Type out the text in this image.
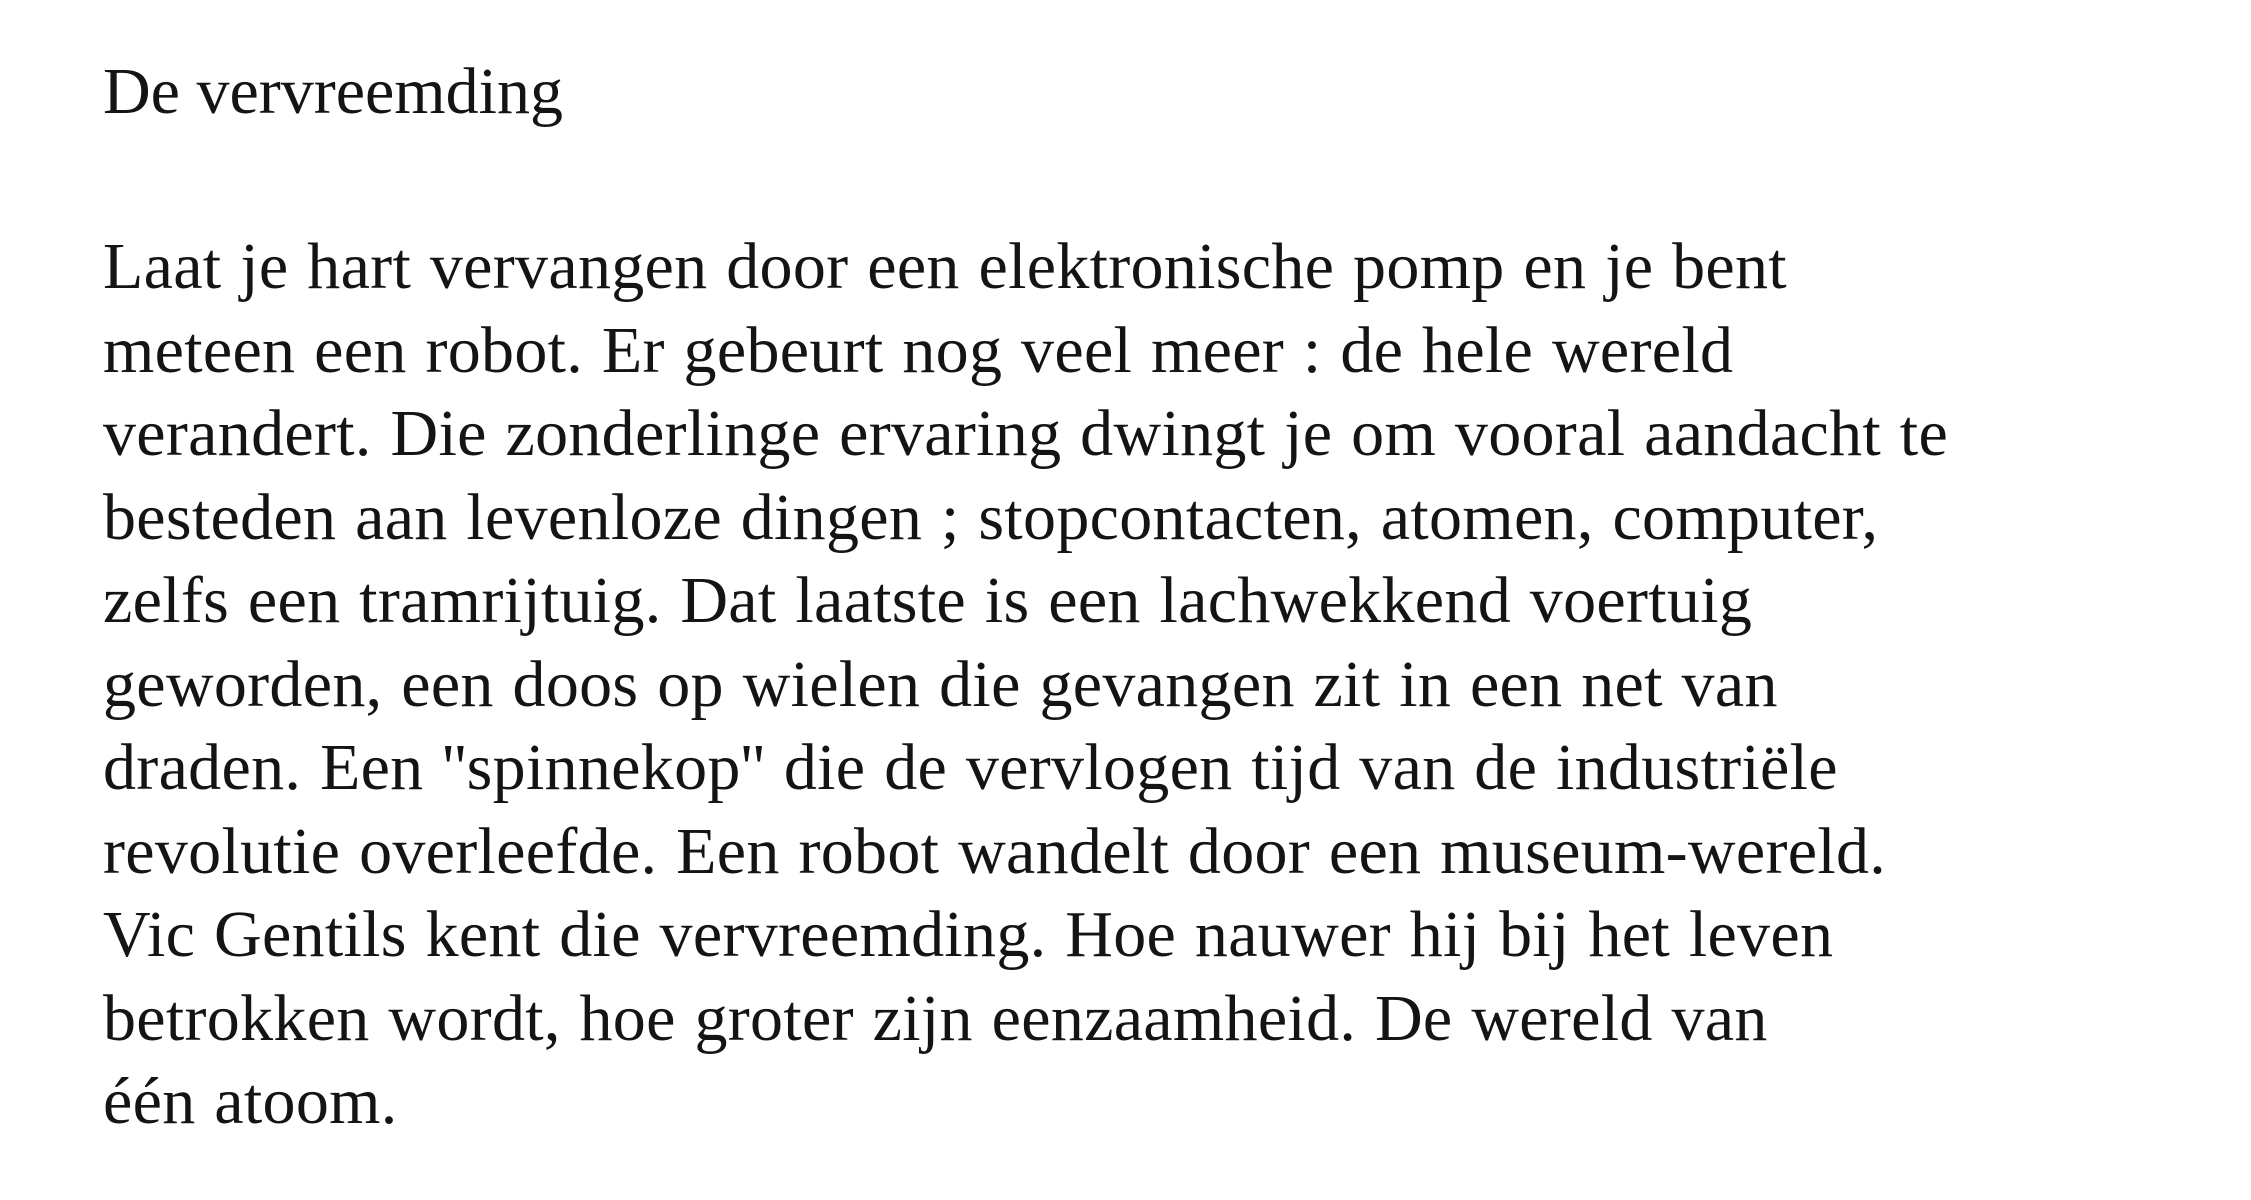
De vervreemding
Laat je hart vervangen door een elektronische pomp en je bent
meteen een robot. Er gebeurt nog veel meer : de hele wereld
verandert. Die zonderlinge ervaring dwingt je om vooral aandacht te
besteden aan levenloze dingen ; stopcontacten, atomen, computer,
zelfs een tramrijtuig. Dat laatste is een lachwekkend voertuig
geworden, een doos op wielen die gevangen zit in een net van
draden. Een ''spinnekop'' die de vervlogen tijd van de industriële
revolutie overleefde. Een robot wandelt door een museum-wereld.
Vic Gentils kent die vervreemding. Hoe nauwer hij bij het leven
betrokken wordt, hoe groter zijn eenzaamheid. De wereld van
één atoom.
